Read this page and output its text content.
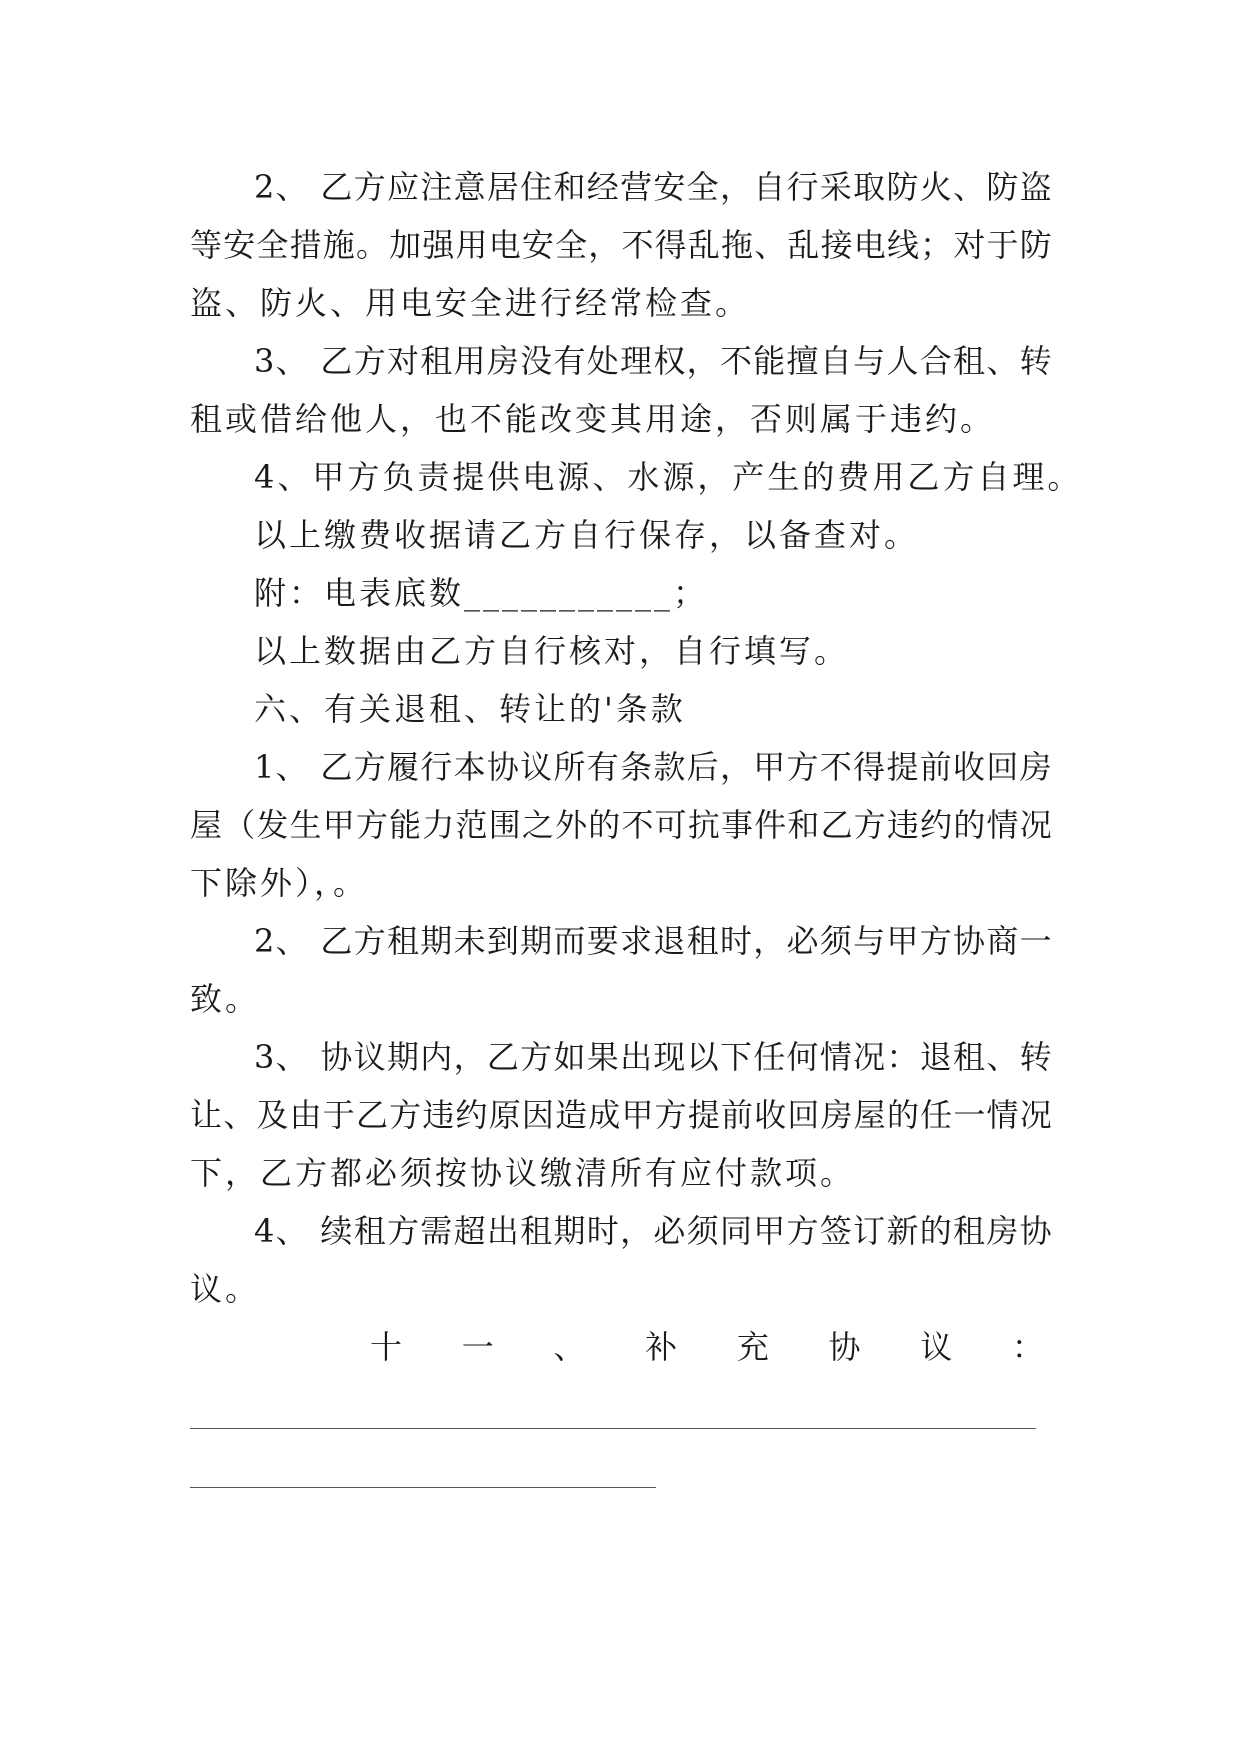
2 、
乙 方 应 注 意 居 住 和 经 营 安 全 ， 自 行 采 取 防 火 、 防 盗
等 安 全 措 施 。 加 强 用 电 安 全 ， 不 得 乱 拖 、 乱 接 电 线 ； 对 于 防
盗、防火、用电安全进行经常检查。
3 、
乙 方 对 租 用 房 没 有 处 理 权 ， 不 能 擅 自 与 人 合 租 、 转
租或借给他人，也不能改变其用途，否则属于违约。
4、甲方负责提供电源、水源，产生的费用乙方自理。
以上缴费收据请乙方自行保存，以备查对。
附：电表底数___________；
以上数据由乙方自行核对，自行填写。
六、有关退租、转让的'条款
1 、
乙 方 履 行 本 协 议 所 有 条 款 后 ， 甲 方 不 得 提 前 收 回 房
屋 （ 发 生 甲 方 能 力 范 围 之 外 的 不 可 抗 事 件 和 乙 方 违 约 的 情 况
下除外），。
2 、
乙 方 租 期 未 到 期 而 要 求 退 租 时 ， 必 须 与 甲 方 协 商 一
致。
3 、
协 议 期 内 ， 乙 方 如 果 出 现 以 下 任 何 情 况 ： 退 租 、 转
让 、 及 由 于 乙 方 违 约 原 因 造 成 甲 方 提 前 收 回 房 屋 的 任 一 情 况
下，乙方都必须按协议缴清所有应付款项。
4 、
续 租 方 需 超 出 租 期 时 ， 必 须 同 甲 方 签 订 新 的 租 房 协
议。
十 一 、 补 充 协 议 ：
